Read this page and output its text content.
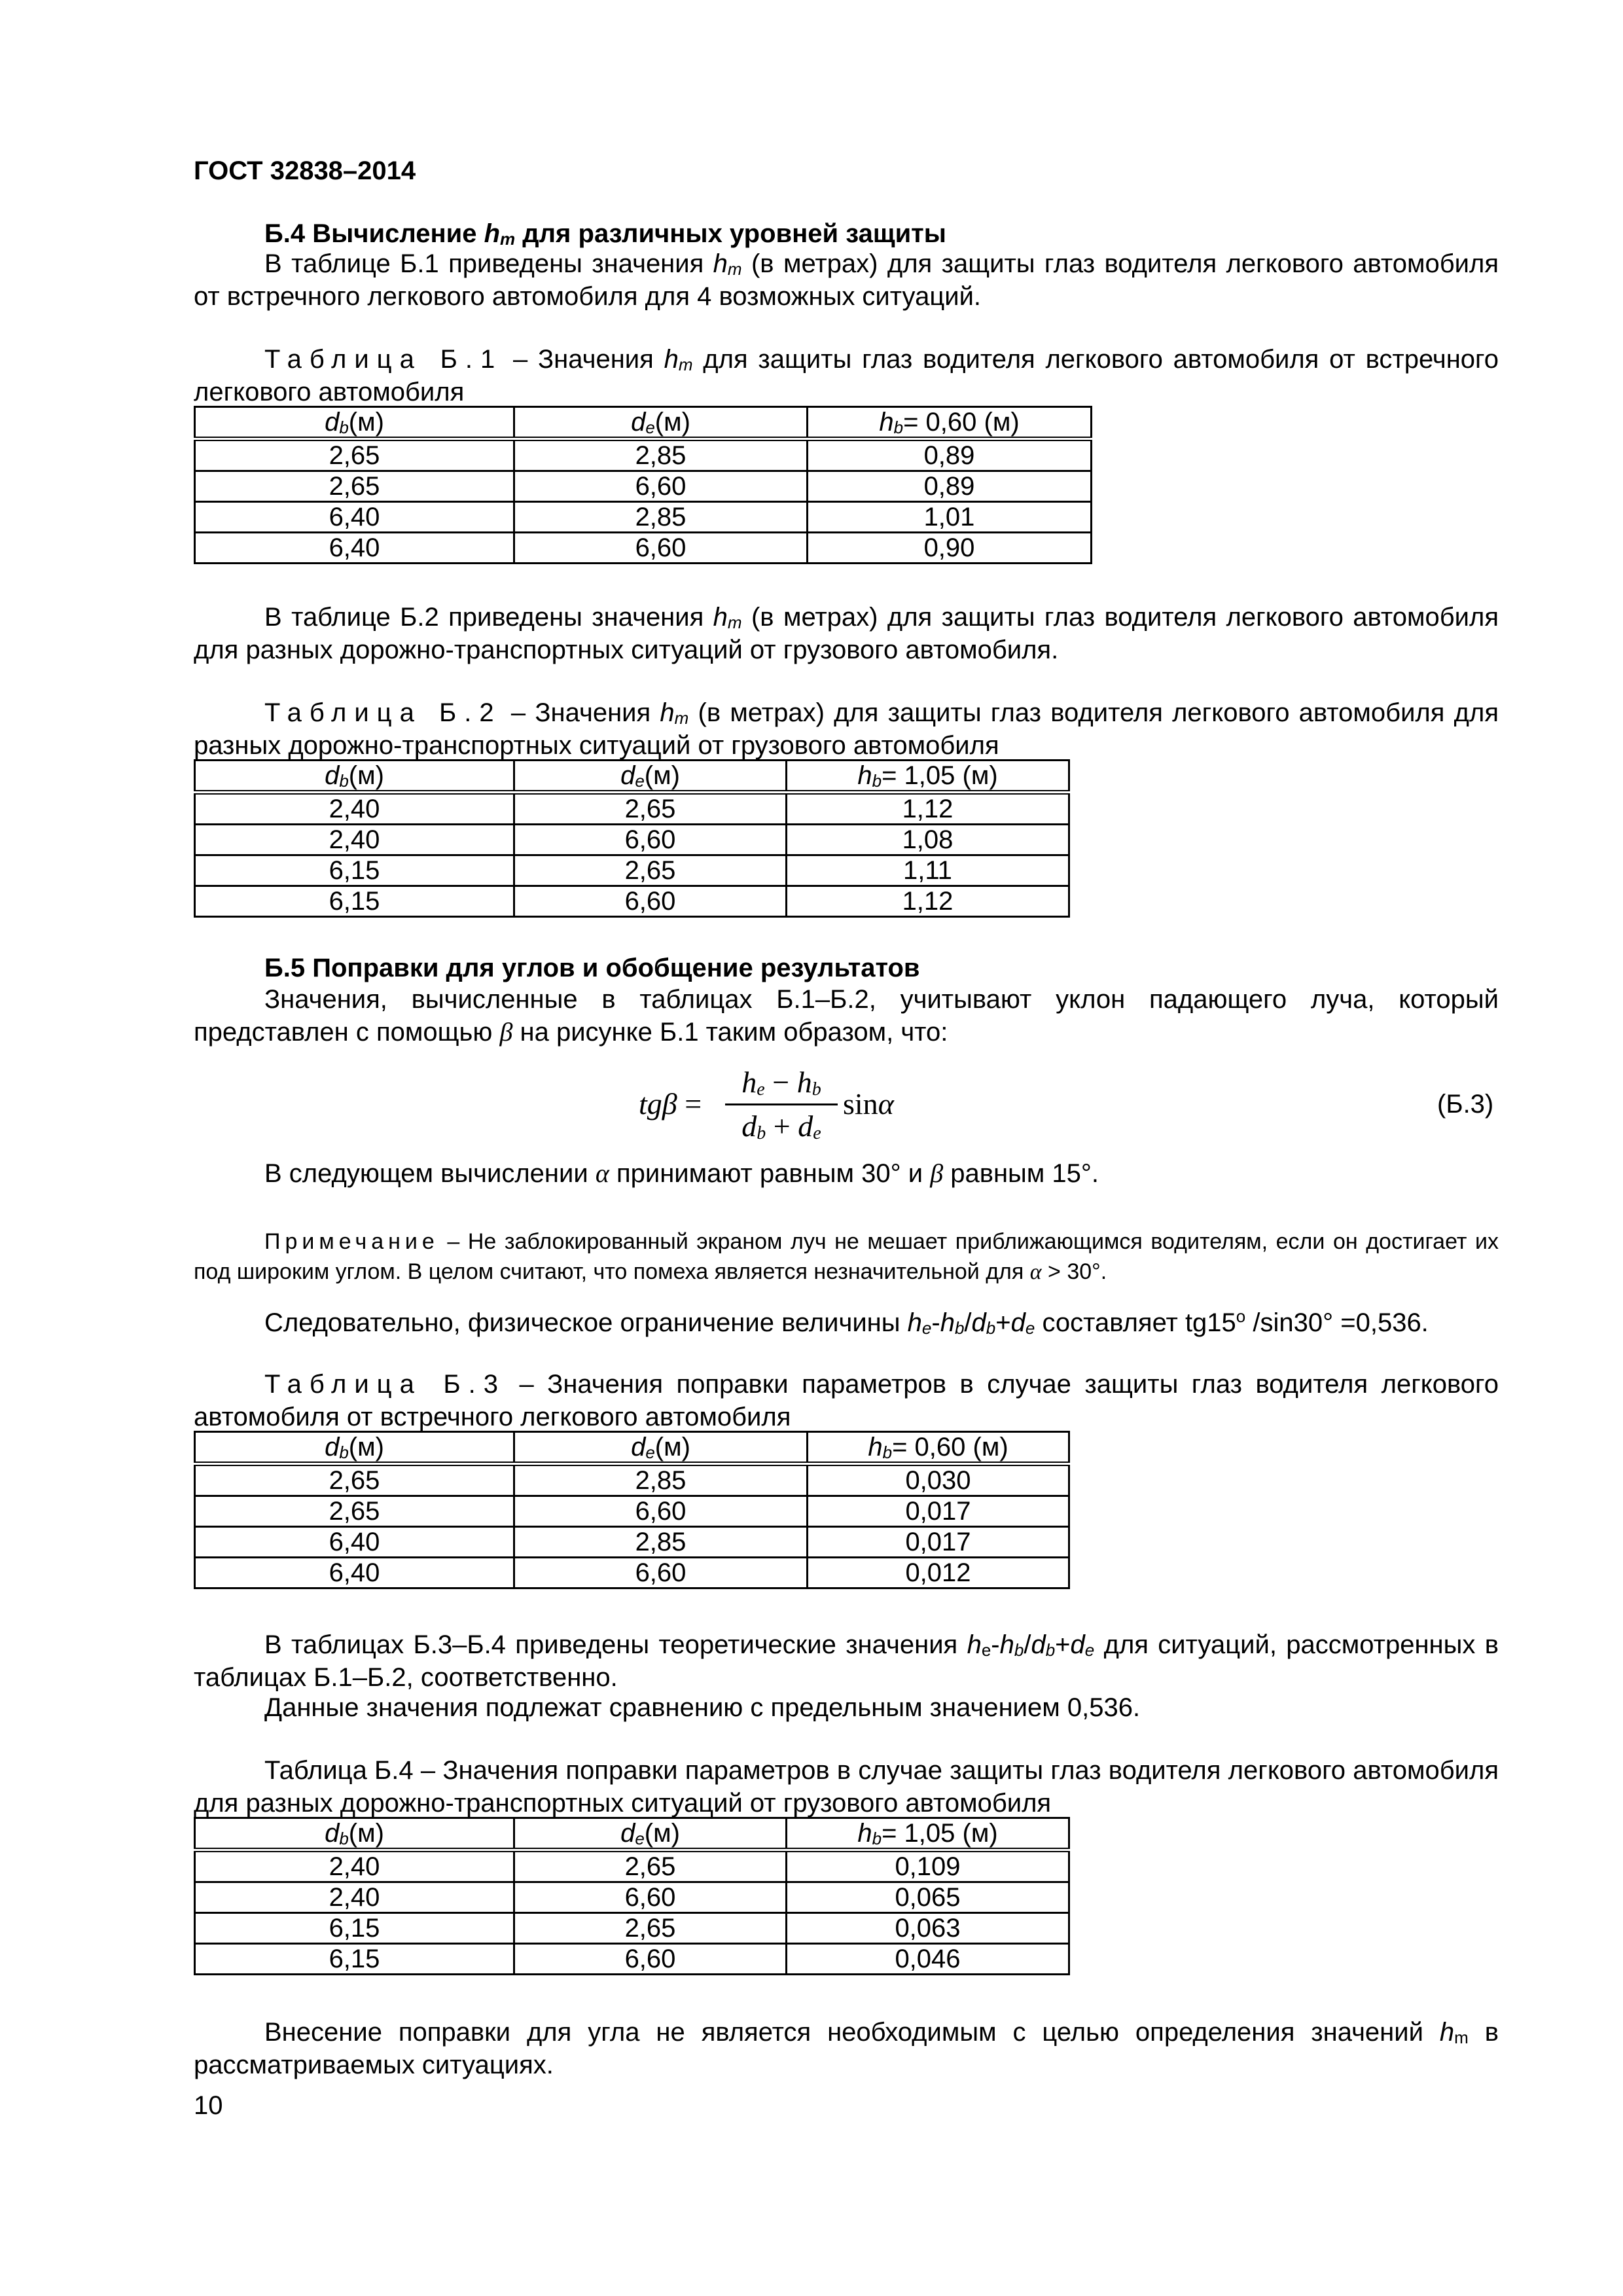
ГОСТ 32838–2014
Б.4 Вычисление $h_m$ для различных уровней защиты
В таблице Б.1 приведены значения $h_m$ (в метрах) для защиты глаз водителя легкового автомобиля от встречного легкового автомобиля для 4 возможных ситуаций.
Таблица Б.1 – Значения $h_m$ для защиты глаз водителя легкового автомобиля от встречного легкового автомобиля
$d_b(м)$	$d_e(м)$	$h_b= 0,60$ (м)
2,65	2,85	0,89
2,65	6,60	0,89
6,40	2,85	1,01
6,40	6,60	0,90
В таблице Б.2 приведены значения $h_m$ (в метрах) для защиты глаз водителя легкового автомобиля для разных дорожно-транспортных ситуаций от грузового автомобиля.
Таблица Б.2 – Значения $h_m$ (в метрах) для защиты глаз водителя легкового автомобиля для разных дорожно-транспортных ситуаций от грузового автомобиля
$d_b(м)$	$d_e(м)$	$h_b= 1,05$ (м)
2,40	2,65	1,12
2,40	6,60	1,08
6,15	2,65	1,11
6,15	6,60	1,12
Б.5 Поправки для углов и обобщение результатов
Значения, вычисленные в таблицах Б.1–Б.2, учитывают уклон падающего луча, который представлен с помощью β на рисунке Б.1 таким образом, что:
tgβ =
$h_e - h_b$
$d_b + d_e$
sinα	(Б.3)
В следующем вычислении α принимают равным 30° и β равным 15°.
Примечание – Не заблокированный экраном луч не мешает приближающимся водителям, если он достигает их под широким углом. В целом считают, что помеха является незначительной для α > 30°.
Следовательно, физическое ограничение величины $h_e-h_b/d_b+d_e$ составляет tg15$^o$ /sin30° =0,536.
Таблица Б.3 – Значения поправки параметров в случае защиты глаз водителя легкового автомобиля от встречного легкового автомобиля
$d_b(м)$	$d_e(м)$	$h_b= 0,60$ (м)
2,65	2,85	0,030
2,65	6,60	0,017
6,40	2,85	0,017
6,40	6,60	0,012
В таблицах Б.3–Б.4 приведены теоретические значения $h_e-h_b/d_b+d_e$ для ситуаций, рассмотренных в таблицах Б.1–Б.2, соответственно.
Данные значения подлежат сравнению с предельным значением 0,536.
Таблица Б.4 – Значения поправки параметров в случае защиты глаз водителя легкового автомобиля для разных дорожно-транспортных ситуаций от грузового автомобиля
$d_b(м)$	$d_e(м)$	$h_b= 1,05$ (м)
2,40	2,65	0,109
2,40	6,60	0,065
6,15	2,65	0,063
6,15	6,60	0,046
Внесение поправки для угла не является необходимым с целью определения значений $h_m$ в рассматриваемых ситуациях.
10
